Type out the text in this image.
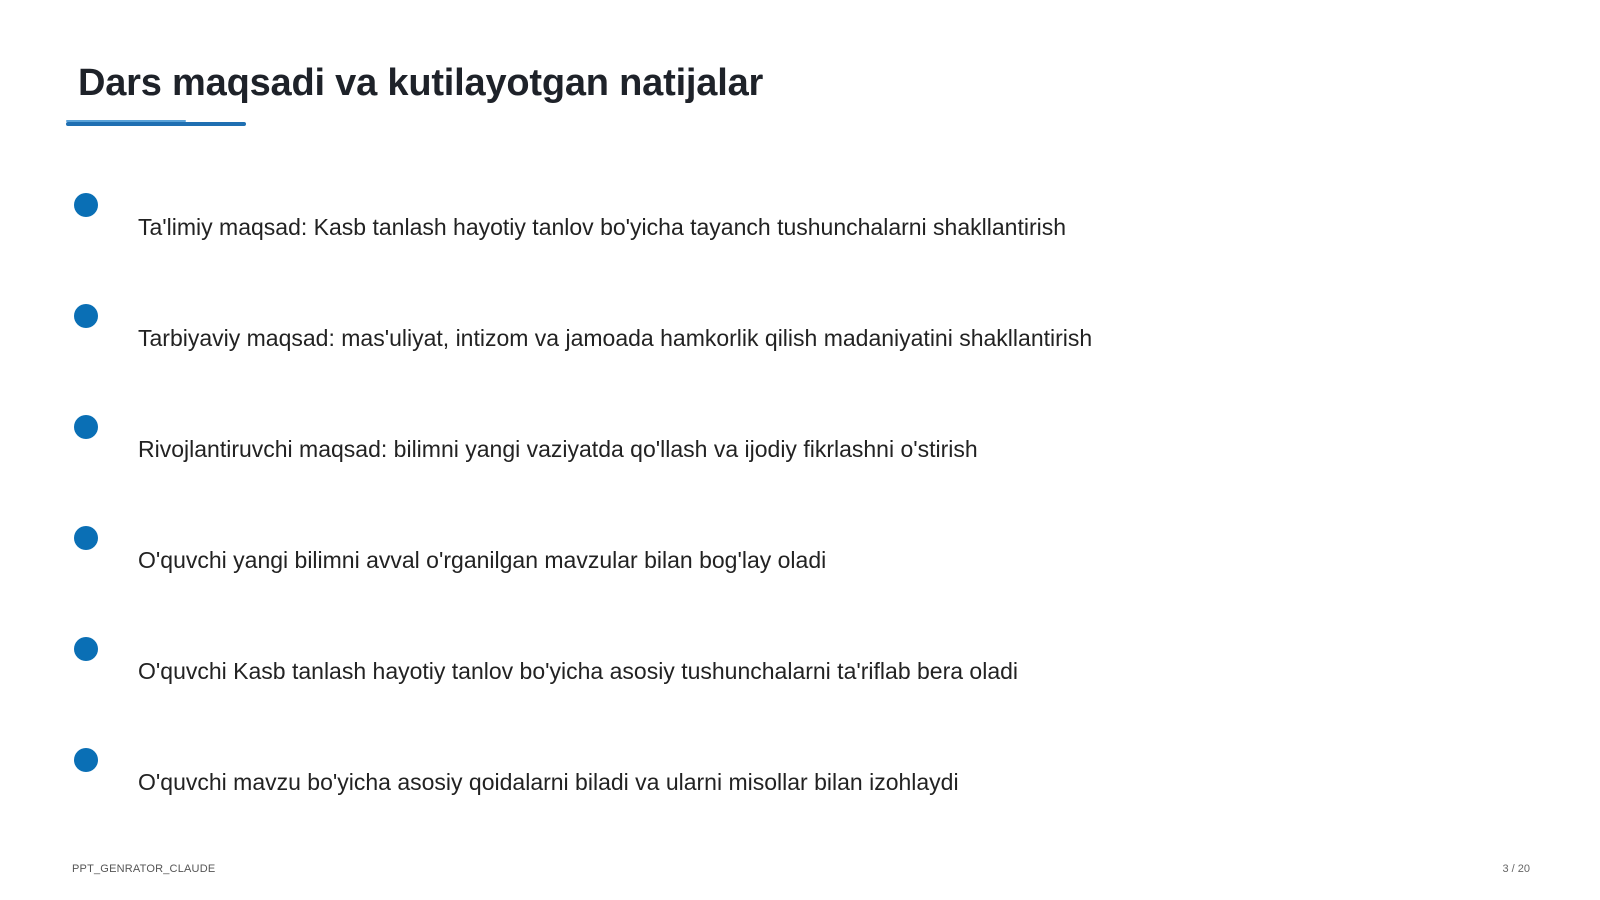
Dars maqsadi va kutilayotgan natijalar
Ta'limiy maqsad: Kasb tanlash hayotiy tanlov bo'yicha tayanch tushunchalarni shakllantirish
Tarbiyaviy maqsad: mas'uliyat, intizom va jamoada hamkorlik qilish madaniyatini shakllantirish
Rivojlantiruvchi maqsad: bilimni yangi vaziyatda qo'llash va ijodiy fikrlashni o'stirish
O'quvchi yangi bilimni avval o'rganilgan mavzular bilan bog'lay oladi
O'quvchi Kasb tanlash hayotiy tanlov bo'yicha asosiy tushunchalarni ta'riflab bera oladi
O'quvchi mavzu bo'yicha asosiy qoidalarni biladi va ularni misollar bilan izohlaydi
PPT_GENRATOR_CLAUDE	3 / 20
